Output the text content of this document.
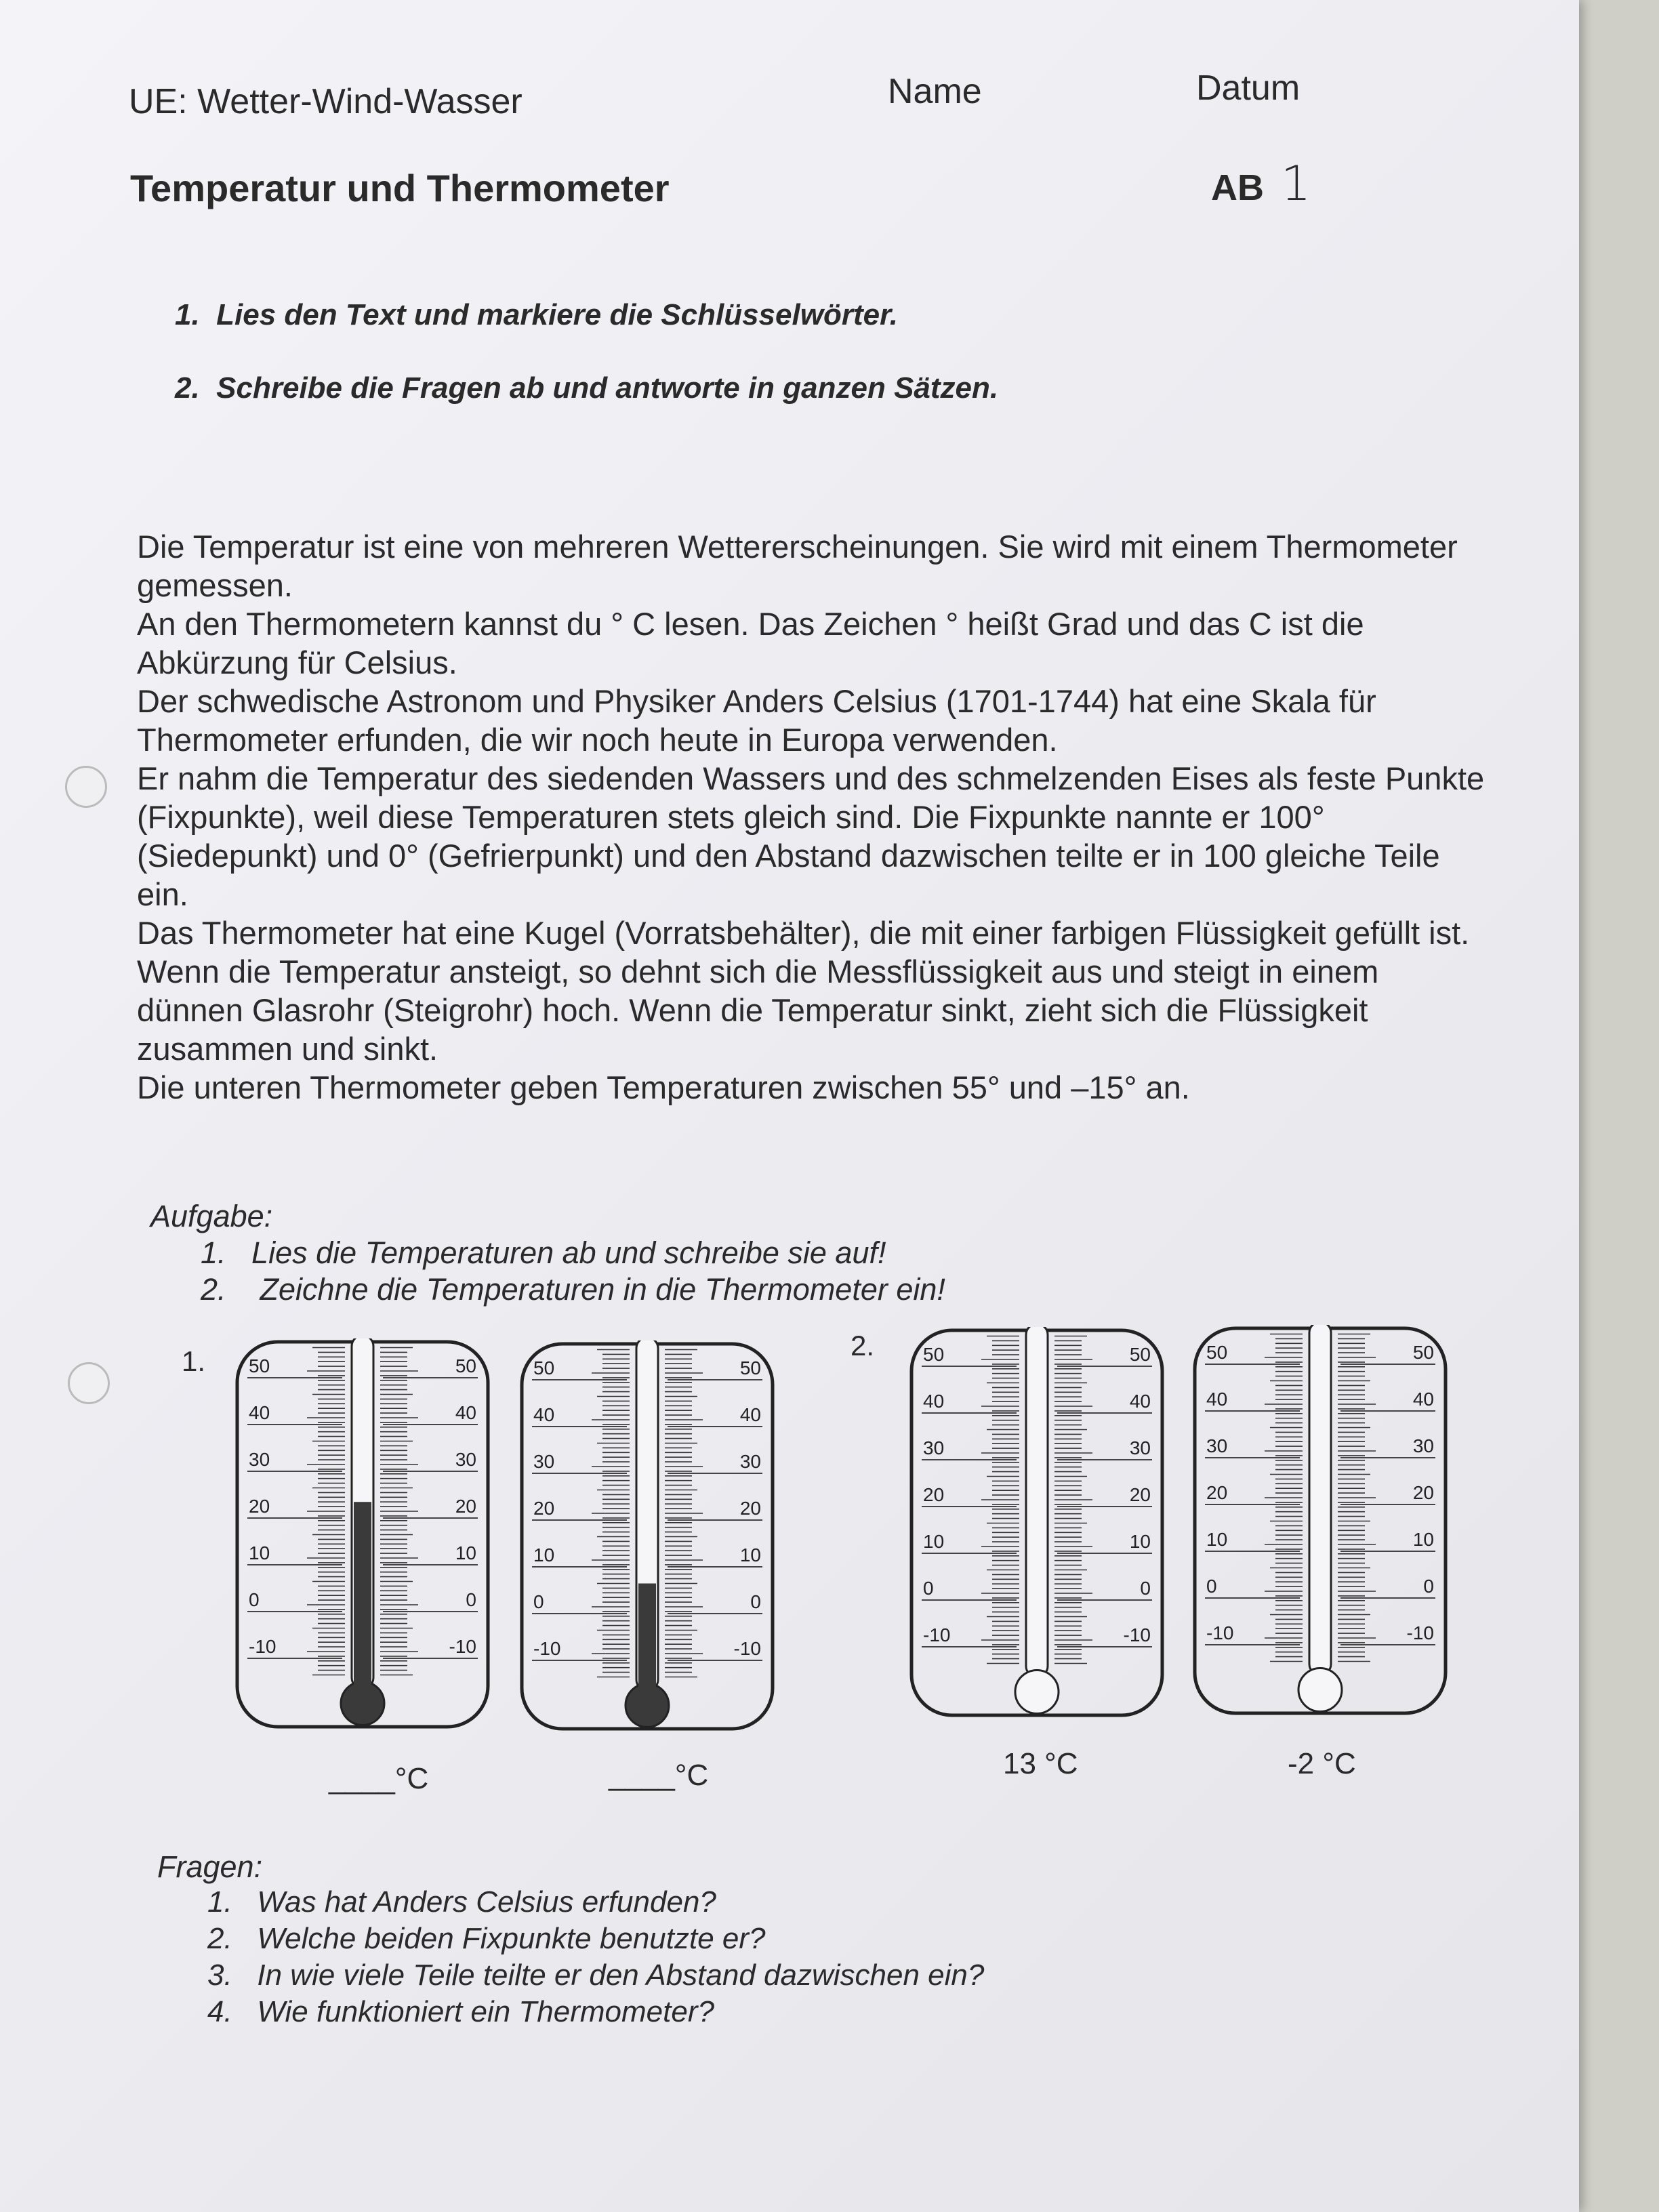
UE: Wetter-Wind-Wasser	Name	Datum
Temperatur und Thermometer	AB 1
1. Lies den Text und markiere die Schlüsselwörter.
2. Schreibe die Fragen ab und antworte in ganzen Sätzen.

Die Temperatur ist eine von mehreren Wettererscheinungen. Sie wird mit einem Thermometer gemessen.

An den Thermometern kannst du ° C lesen. Das Zeichen ° heißt Grad und das C ist die Abkürzung für Celsius.

Der schwedische Astronom und Physiker Anders Celsius (1701-1744) hat eine Skala für Thermometer erfunden, die wir noch heute in Europa verwenden.

Er nahm die Temperatur des siedenden Wassers und des schmelzenden Eises als feste Punkte (Fixpunkte), weil diese Temperaturen stets gleich sind. Die Fixpunkte nannte er 100° (Siedepunkt) und 0° (Gefrierpunkt) und den Abstand dazwischen teilte er in 100 gleiche Teile ein.

Das Thermometer hat eine Kugel (Vorratsbehälter), die mit einer farbigen Flüssigkeit gefüllt ist. Wenn die Temperatur ansteigt, so dehnt sich die Messflüssigkeit aus und steigt in einem dünnen Glasrohr (Steigrohr) hoch. Wenn die Temperatur sinkt, zieht sich die Flüssigkeit zusammen und sinkt.

Die unteren Thermometer geben Temperaturen zwischen 55° und –15° an.

Aufgabe:
1. Lies die Temperaturen ab und schreibe sie auf!
2. Zeichne die Temperaturen in die Thermometer ein!
1.	2.
50	50
40	40
30	30
20	20
10	10
0	0
-10	-10
50	50
40	40
30	30
20	20
10	10
0	0
-10	-10
50	50
40	40
30	30
20	20
10	10
0	0
-10	-10
50	50
40	40
30	30
20	20
10	10
0	0
-10	-10
____°C	____°C	13 °C	-2 °C
Fragen:
1. Was hat Anders Celsius erfunden?
2. Welche beiden Fixpunkte benutzte er?
3. In wie viele Teile teilte er den Abstand dazwischen ein?
4. Wie funktioniert ein Thermometer?
